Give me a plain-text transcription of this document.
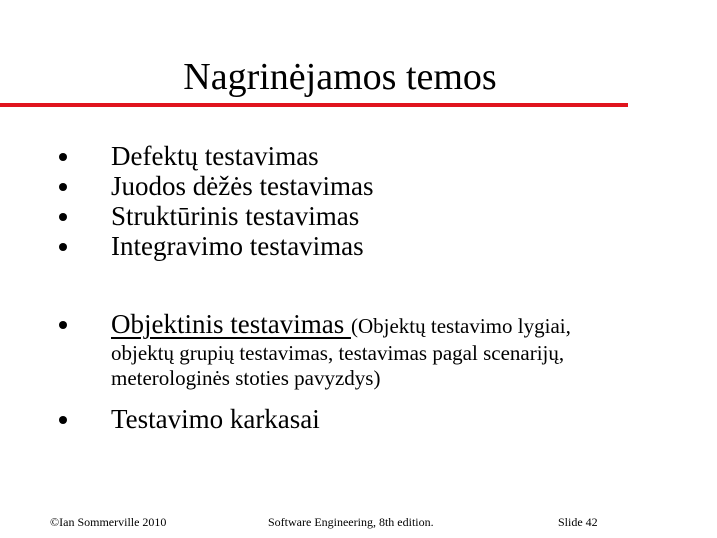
Nagrinėjamos temos
Defektų testavimas
Juodos dėžės testavimas
Struktūrinis testavimas
Integravimo testavimas
Objektinis testavimas (Objektų testavimo lygiai,
objektų grupių testavimas, testavimas pagal scenarijų,
meterologinės stoties pavyzdys)
Testavimo karkasai
©Ian Sommerville 2010	Software Engineering, 8th edition.	Slide 42
